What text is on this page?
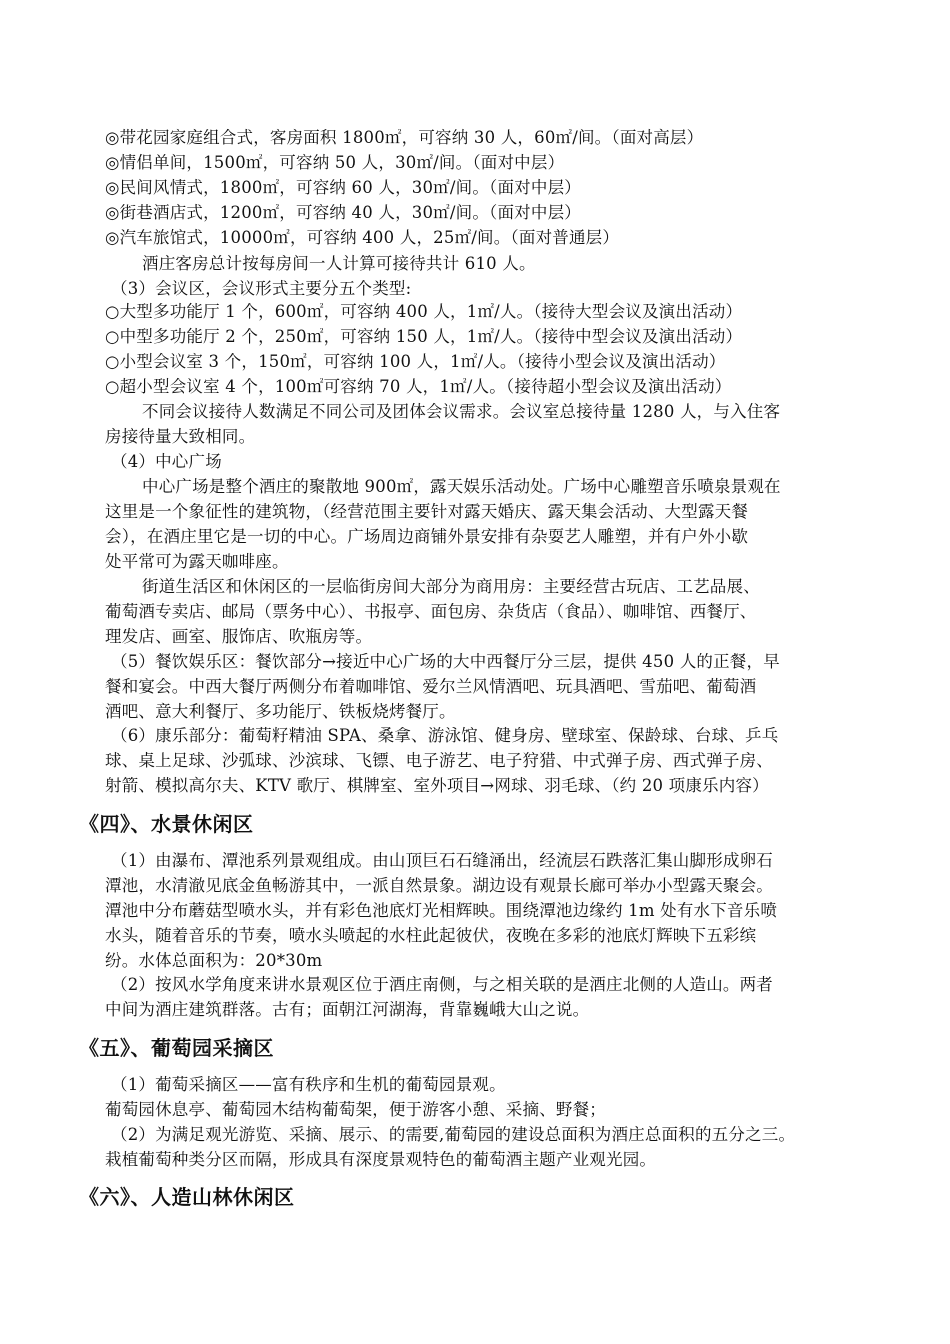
◎带花园家庭组合式，客房面积 1800㎡，可容纳 30 人，60㎡/间。（面对高层）
◎情侣单间，1500㎡，可容纳 50 人，30㎡/间。（面对中层）
◎民间风情式，1800㎡，可容纳 60 人，30㎡/间。（面对中层）
◎街巷酒店式，1200㎡，可容纳 40 人，30㎡/间。（面对中层）
◎汽车旅馆式，10000㎡，可容纳 400 人，25㎡/间。（面对普通层）
酒庄客房总计按每房间一人计算可接待共计 610 人。
（3）会议区，会议形式主要分五个类型:
○大型多功能厅 1 个，600㎡，可容纳 400 人，1㎡/人。（接待大型会议及演出活动）
○中型多功能厅 2 个，250㎡，可容纳 150 人，1㎡/人。（接待中型会议及演出活动）
○小型会议室 3 个，150㎡，可容纳 100 人，1㎡/人。（接待小型会议及演出活动）
○超小型会议室 4 个，100㎡可容纳 70 人，1㎡/人。（接待超小型会议及演出活动）
不同会议接待人数满足不同公司及团体会议需求。会议室总接待量 1280 人，与入住客
房接待量大致相同。
（4）中心广场
中心广场是整个酒庄的聚散地 900㎡，露天娱乐活动处。广场中心雕塑音乐喷泉景观在
这里是一个象征性的建筑物，（经营范围主要针对露天婚庆、露天集会活动、大型露天餐
会），在酒庄里它是一切的中心。广场周边商铺外景安排有杂耍艺人雕塑，并有户外小歇
处平常可为露天咖啡座。
街道生活区和休闲区的一层临街房间大部分为商用房：主要经营古玩店、工艺品展、
葡萄酒专卖店、邮局（票务中心）、书报亭、面包房、杂货店（食品）、咖啡馆、西餐厅、
理发店、画室、服饰店、吹瓶房等。
（5）餐饮娱乐区：餐饮部分→接近中心广场的大中西餐厅分三层，提供 450 人的正餐，早
餐和宴会。中西大餐厅两侧分布着咖啡馆、爱尔兰风情酒吧、玩具酒吧、雪茄吧、葡萄酒
酒吧、意大利餐厅、多功能厅、铁板烧烤餐厅。
（6）康乐部分：葡萄籽精油 SPA、桑拿、游泳馆、健身房、壁球室、保龄球、台球、乒乓
球、桌上足球、沙弧球、沙滨球、飞镖、电子游艺、电子狩猎、中式弹子房、西式弹子房、
射箭、模拟高尔夫、KTV 歌厅、棋牌室、室外项目→网球、羽毛球、（约 20 项康乐内容）
《四》、水景休闲区
（1）由瀑布、潭池系列景观组成。由山顶巨石石缝涌出，经流层石跌落汇集山脚形成卵石
潭池，水清澈见底金鱼畅游其中，一派自然景象。湖边设有观景长廊可举办小型露天聚会。
潭池中分布蘑菇型喷水头，并有彩色池底灯光相辉映。围绕潭池边缘约 1m 处有水下音乐喷
水头，随着音乐的节奏，喷水头喷起的水柱此起彼伏，夜晚在多彩的池底灯辉映下五彩缤
纷。水体总面积为：20*30m
（2）按风水学角度来讲水景观区位于酒庄南侧，与之相关联的是酒庄北侧的人造山。两者
中间为酒庄建筑群落。古有；面朝江河湖海，背靠巍峨大山之说。
《五》、葡萄园采摘区
（1）葡萄采摘区——富有秩序和生机的葡萄园景观。
葡萄园休息亭、葡萄园木结构葡萄架，便于游客小憩、采摘、野餐；
（2）为满足观光游览、采摘、展示、的需要,葡萄园的建设总面积为酒庄总面积的五分之三。
栽植葡萄种类分区而隔，形成具有深度景观特色的葡萄酒主题产业观光园。
《六》、人造山林休闲区
